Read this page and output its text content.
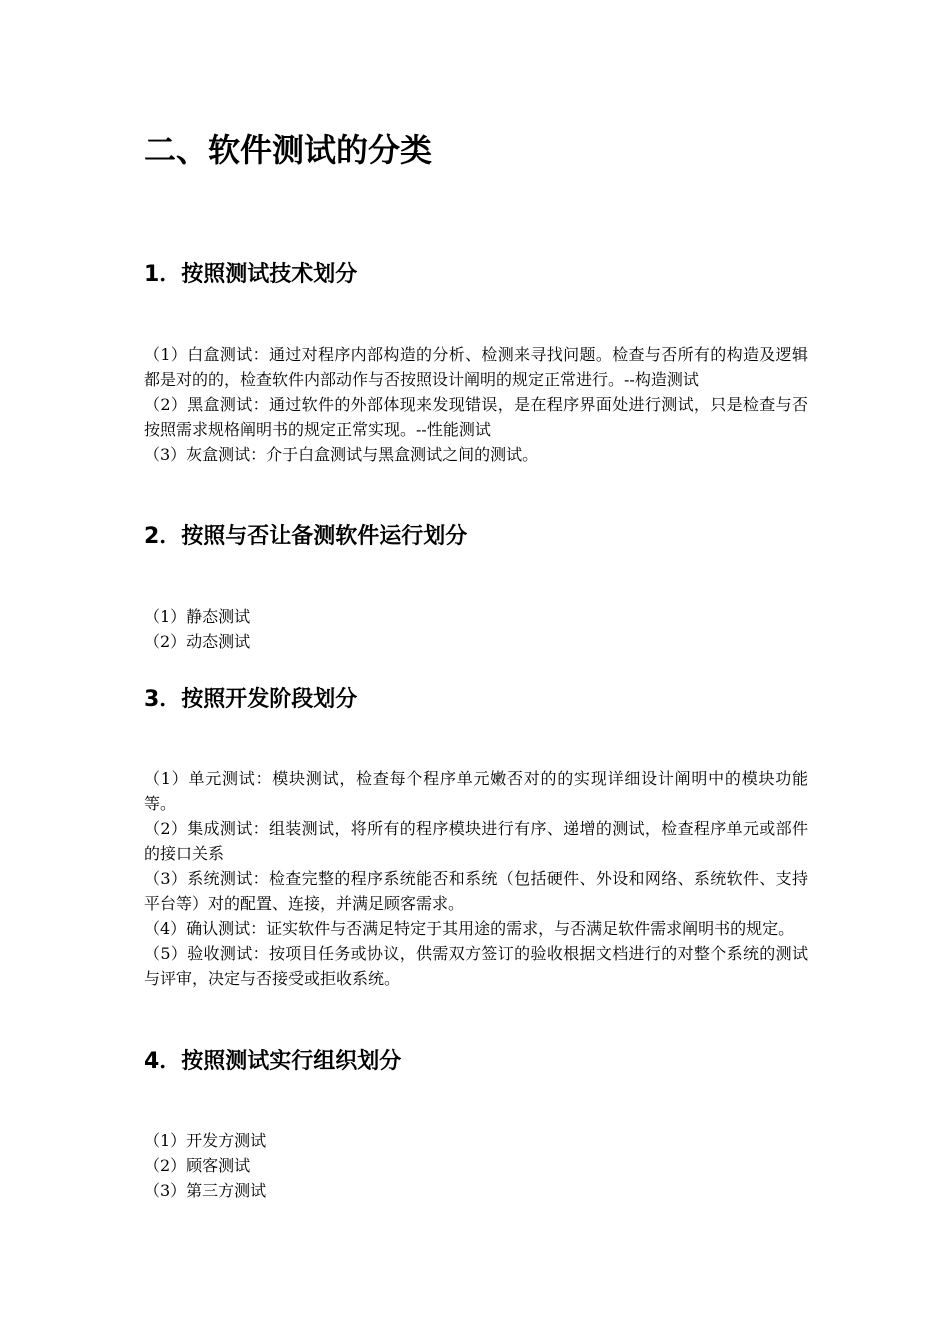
二、软件测试的分类
1．按照测试技术划分

（1）白盒测试：通过对程序内部构造的分析、检测来寻找问题。检查与否所有的构造及逻辑都是对的的，检查软件内部动作与否按照设计阐明的规定正常进行。--构造测试

（2）黑盒测试：通过软件的外部体现来发现错误，是在程序界面处进行测试，只是检查与否按照需求规格阐明书的规定正常实现。--性能测试

（3）灰盒测试：介于白盒测试与黑盒测试之间的测试。

2．按照与否让备测软件运行划分

（1）静态测试

（2）动态测试

3．按照开发阶段划分

（1）单元测试：模块测试，检查每个程序单元嫩否对的的实现详细设计阐明中的模块功能等。

（2）集成测试：组装测试，将所有的程序模块进行有序、递增的测试，检查程序单元或部件的接口关系

（3）系统测试：检查完整的程序系统能否和系统（包括硬件、外设和网络、系统软件、支持平台等）对的配置、连接，并满足顾客需求。

（4）确认测试：证实软件与否满足特定于其用途的需求，与否满足软件需求阐明书的规定。

（5）验收测试：按项目任务或协议，供需双方签订的验收根据文档进行的对整个系统的测试与评审，决定与否接受或拒收系统。

4．按照测试实行组织划分

（1）开发方测试

（2）顾客测试

（3）第三方测试
